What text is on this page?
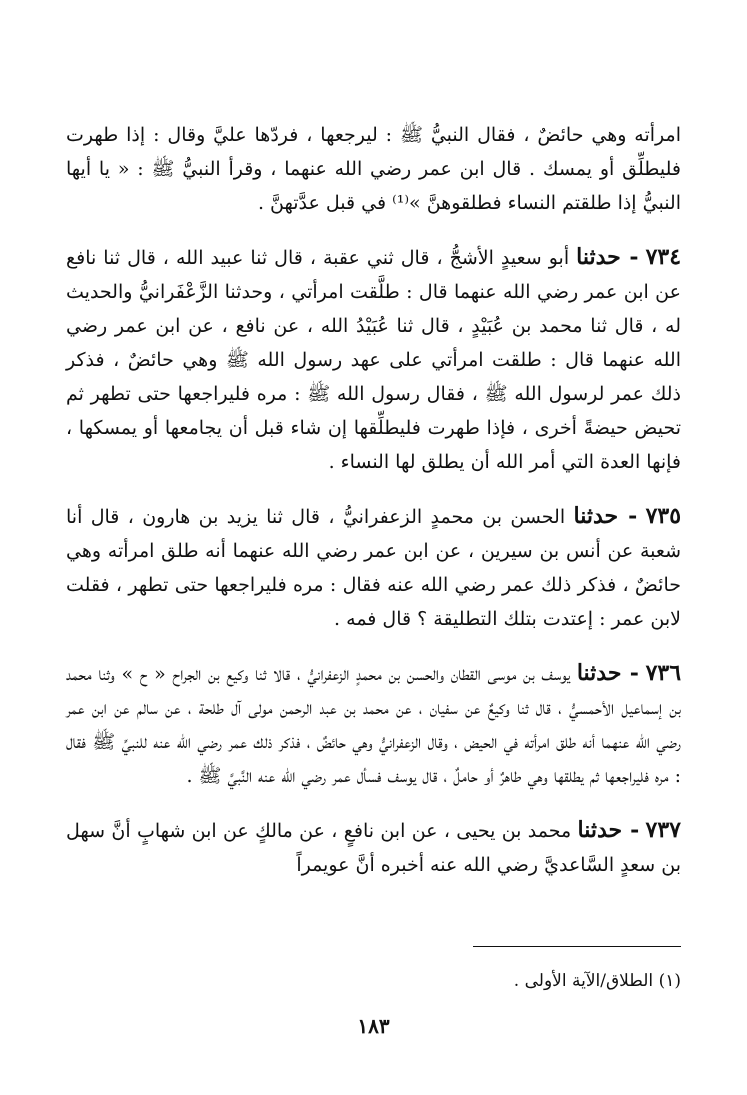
امرأته وهي حائضٌ ، فقال النبيُّ ﷺ : ليرجعها ، فردّها عليَّ وقال : إذا طهرت فليطلِّق أو يمسك . قال ابن عمر رضي الله عنهما ، وقرأ النبيُّ ﷺ : « يا أيها النبيُّ إذا طلقتم النساء فطلقوهنَّ »⁽¹⁾ في قبل عدَّتهنَّ .

٧٣٤ - حدثنا أبو سعيدٍ الأشجُّ ، قال ثني عقبة ، قال ثنا عبيد الله ، قال ثنا نافع عن ابن عمر رضي الله عنهما قال : طلَّقت امرأتي ، وحدثنا الزَّعْفَرانيُّ والحديث له ، قال ثنا محمد بن عُبَيْدٍ ، قال ثنا عُبَيْدُ الله ، عن نافع ، عن ابن عمر رضي الله عنهما قال : طلقت امرأتي على عهد رسول الله ﷺ وهي حائضٌ ، فذكر ذلك عمر لرسول الله ﷺ ، فقال رسول الله ﷺ : مره فليراجعها حتى تطهر ثم تحيض حيضةً أخرى ، فإذا طهرت فليطلِّقها إن شاء قبل أن يجامعها أو يمسكها ، فإنها العدة التي أمر الله أن يطلق لها النساء .

٧٣٥ - حدثنا الحسن بن محمدٍ الزعفرانيُّ ، قال ثنا يزيد بن هارون ، قال أنا شعبة عن أنس بن سيرين ، عن ابن عمر رضي الله عنهما أنه طلق امرأته وهي حائضٌ ، فذكر ذلك عمر رضي الله عنه فقال : مره فليراجعها حتى تطهر ، فقلت لابن عمر : إعتدت بتلك التطليقة ؟ قال فمه .

٧٣٦ - حدثنا يوسف بن موسى القطان والحسن بن محمدٍ الزعفرانيُّ ، قالا ثنا وكيع بن الجراح « ح » وثنا محمد بن إسماعيل الأحمسيُّ ، قال ثنا وكيعٌ عن سفيان ، عن محمد بن عبد الرحمن مولى آل طلحة ، عن سالم عن ابن عمر رضي الله عنهما أنه طلق امرأته في الحيض ، وقال الزعفرانيُّ وهي حائضٌ ، فذكر ذلك عمر رضي الله عنه للنبيِّ ﷺ فقال : مره فليراجعها ثم يطلقها وهي طاهرٌ أو حاملٌ ، قال يوسف فسأل عمر رضي الله عنه النَّبيَّ ﷺ .

٧٣٧ - حدثنا محمد بن يحيى ، عن ابن نافعٍ ، عن مالكٍ عن ابن شهابٍ أنَّ سهل بن سعدٍ السَّاعديَّ رضي الله عنه أخبره أنَّ عويمراً

(١) الطلاق/الآية الأولى .
١٨٣
